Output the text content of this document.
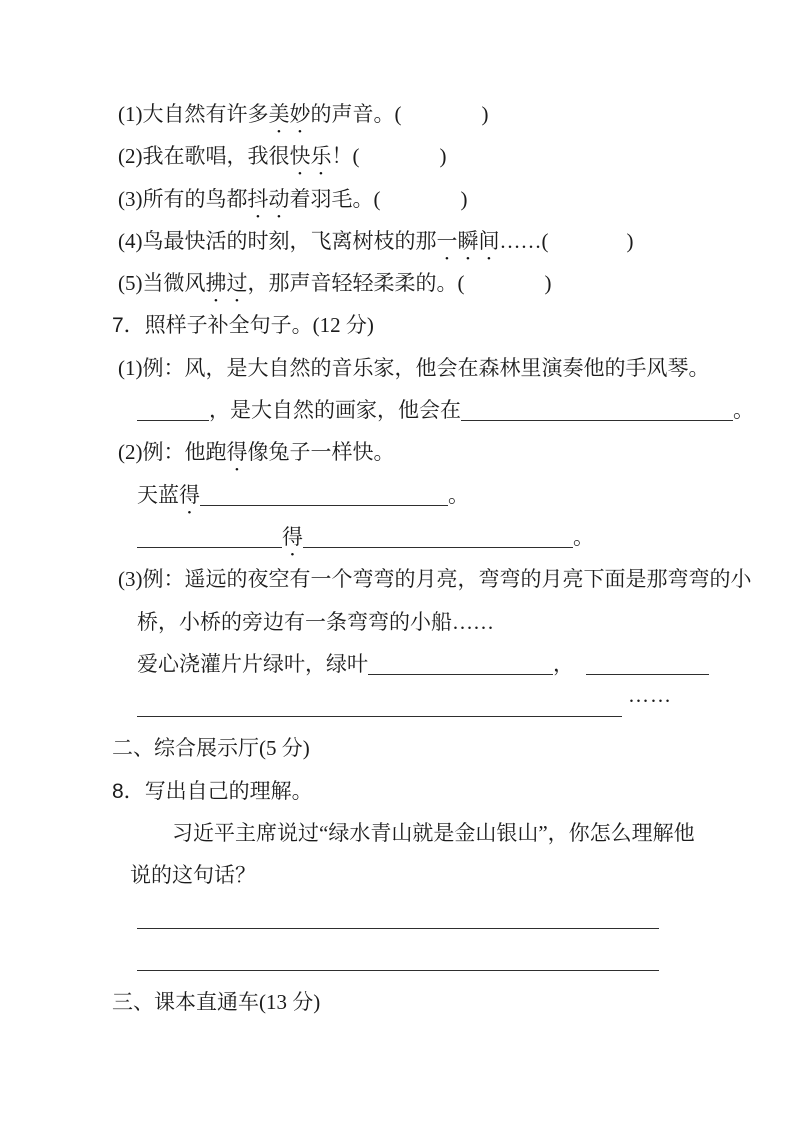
(1)大自然有许多美妙的声音。(	)
(2)我在歌唱，我很快乐！(	)
(3)所有的鸟都抖动着羽毛。(	)
(4)鸟最快活的时刻，飞离树枝的那一瞬间……(	)
(5)当微风拂过，那声音轻轻柔柔的。(	)
7．照样子补全句子。(12 分)
(1)例：风，是大自然的音乐家，他会在森林里演奏他的手风琴。
，是大自然的画家，他会在	。
(2)例：他跑得像兔子一样快。
天蓝得	。
得	。
(3)例：遥远的夜空有一个弯弯的月亮，弯弯的月亮下面是那弯弯的小
桥，小桥的旁边有一条弯弯的小船……
爱心浇灌片片绿叶，绿叶	，
……
二、综合展示厅(5 分)
8．写出自己的理解。
习近平主席说过“绿水青山就是金山银山”，你怎么理解他
说的这句话？
三、课本直通车(13 分)
